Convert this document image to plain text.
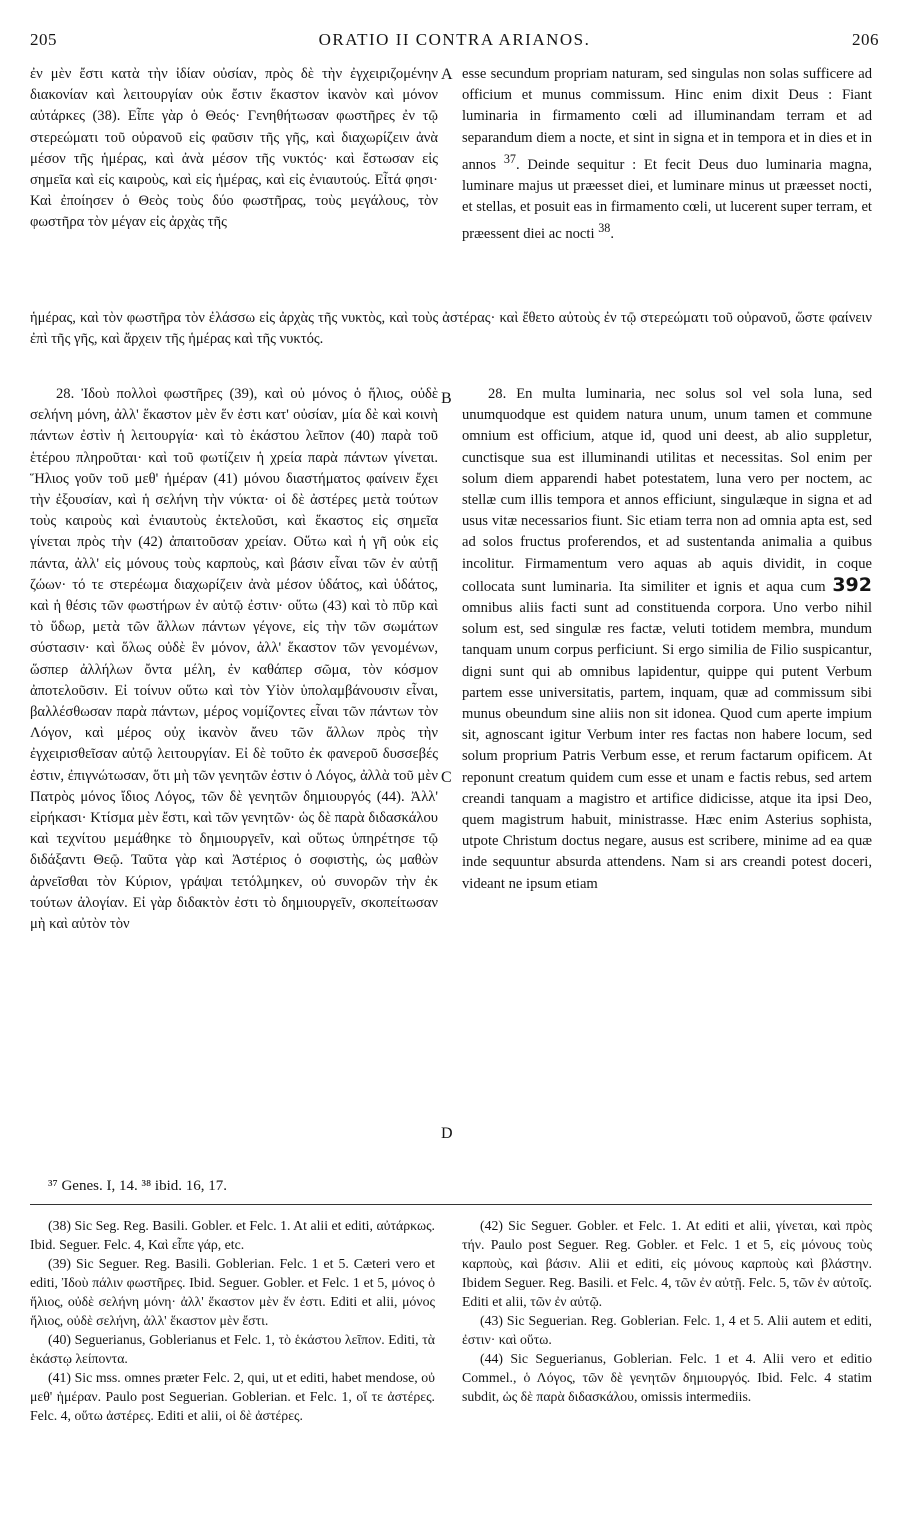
205	ORATIO II CONTRA ARIANOS.	206
A
B
C
D

ἐν μὲν ἔστι κατὰ τὴν ἰδίαν οὐσίαν, πρὸς δὲ τὴν ἐγχειριζομένην διακονίαν καὶ λειτουργίαν οὐκ ἔστιν ἕκαστον ἱκανὸν καὶ μόνον αὐτάρκες (38). Εἶπε γὰρ ὁ Θεός· Γενηθήτωσαν φωστῆρες ἐν τῷ στερεώματι τοῦ οὐρανοῦ εἰς φαῦσιν τῆς γῆς, καὶ διαχωρίζειν ἀνὰ μέσον τῆς ἡμέρας, καὶ ἀνὰ μέσον τῆς νυκτός· καὶ ἔστωσαν εἰς σημεῖα καὶ εἰς καιροὺς, καὶ εἰς ἡμέρας, καὶ εἰς ἐνιαυτούς. Εἶτά φησι· Καὶ ἐποίησεν ὁ Θεὸς τοὺς δύο φωστῆρας, τοὺς μεγάλους, τὸν φωστῆρα τὸν μέγαν εἰς ἀρχὰς τῆς

esse secundum propriam naturam, sed singulas non solas sufficere ad officium et munus commissum. Hinc enim dixit Deus : Fiant luminaria in firmamento cœli ad illuminandam terram et ad separandum diem a nocte, et sint in signa et in tempora et in dies et in annos $^{37}$. Deinde sequitur : Et fecit Deus duo luminaria magna, luminare majus ut præesset diei, et luminare minus ut præesset nocti, et stellas, et posuit eas in firmamento cœli, ut lucerent super terram, et præessent diei ac nocti $^{38}$.

ἡμέρας, καὶ τὸν φωστῆρα τὸν ἐλάσσω εἰς ἀρχὰς τῆς νυκτὸς, καὶ τοὺς ἀστέρας· καὶ ἔθετο αὐτοὺς ἐν τῷ στερεώματι τοῦ οὐρανοῦ, ὥστε φαίνειν ἐπὶ τῆς γῆς, καὶ ἄρχειν τῆς ἡμέρας καὶ τῆς νυκτός.

28. Ἰδοὺ πολλοὶ φωστῆρες (39), καὶ οὐ μόνος ὁ ἥλιος, οὐδὲ σελήνη μόνη, ἀλλ' ἕκαστον μὲν ἕν ἐστι κατ' οὐσίαν, μία δὲ καὶ κοινὴ πάντων ἐστὶν ἡ λειτουργία· καὶ τὸ ἑκάστου λεῖπον (40) παρὰ τοῦ ἑτέρου πληροῦται· καὶ τοῦ φωτίζειν ἡ χρεία παρὰ πάντων γίνεται. Ἥλιος γοῦν τοῦ μεθ' ἡμέραν (41) μόνου διαστήματος φαίνειν ἔχει τὴν ἐξουσίαν, καὶ ἡ σελήνη τὴν νύκτα· οἱ δὲ ἀστέρες μετὰ τούτων τοὺς καιροὺς καὶ ἐνιαυτοὺς ἐκτελοῦσι, καὶ ἕκαστος εἰς σημεῖα γίνεται πρὸς τὴν (42) ἀπαιτοῦσαν χρείαν. Οὕτω καὶ ἡ γῆ οὐκ εἰς πάντα, ἀλλ' εἰς μόνους τοὺς καρποὺς, καὶ βάσιν εἶναι τῶν ἐν αὐτῇ ζώων· τό τε στερέωμα διαχωρίζειν ἀνὰ μέσον ὑδάτος, καὶ ὑδάτος, καὶ ἡ θέσις τῶν φωστήρων ἐν αὐτῷ ἐστιν· οὕτω (43) καὶ τὸ πῦρ καὶ τὸ ὕδωρ, μετὰ τῶν ἄλλων πάντων γέγονε, εἰς τὴν τῶν σωμάτων σύστασιν· καὶ ὅλως οὐδὲ ἓν μόνον, ἀλλ' ἕκαστον τῶν γενομένων, ὥσπερ ἀλλήλων ὄντα μέλη, ἐν καθάπερ σῶμα, τὸν κόσμον ἀποτελοῦσιν. Εἰ τοίνυν οὕτω καὶ τὸν Υἱὸν ὑπολαμβάνουσιν εἶναι, βαλλέσθωσαν παρὰ πάντων, μέρος νομίζοντες εἶναι τῶν πάντων τὸν Λόγον, καὶ μέρος οὐχ ἱκανὸν ἄνευ τῶν ἄλλων πρὸς τὴν ἐγχειρισθεῖσαν αὐτῷ λειτουργίαν. Εἰ δὲ τοῦτο ἐκ φανεροῦ δυσσεβές ἐστιν, ἐπιγνώτωσαν, ὅτι μὴ τῶν γενητῶν ἐστιν ὁ Λόγος, ἀλλὰ τοῦ μὲν Πατρὸς μόνος ἴδιος Λόγος, τῶν δὲ γενητῶν δημιουργός (44). Ἀλλ' εἰρήκασι· Κτίσμα μὲν ἔστι, καὶ τῶν γενητῶν· ὡς δὲ παρὰ διδασκάλου καὶ τεχνίτου μεμάθηκε τὸ δημιουργεῖν, καὶ οὕτως ὑπηρέτησε τῷ διδάξαντι Θεῷ. Ταῦτα γὰρ καὶ Ἀστέριος ὁ σοφιστὴς, ὡς μαθὼν ἀρνεῖσθαι τὸν Κύριον, γράψαι τετόλμηκεν, οὐ συνορῶν τὴν ἐκ τούτων ἀλογίαν. Εἰ γὰρ διδακτὸν ἐστι τὸ δημιουργεῖν, σκοπείτωσαν μὴ καὶ αὐτὸν τὸν

28. En multa luminaria, nec solus sol vel sola luna, sed unumquodque est quidem natura unum, unum tamen et commune omnium est officium, atque id, quod uni deest, ab alio suppletur, cunctisque sua est illuminandi utilitas et necessitas. Sol enim per solum diem apparendi habet potestatem, luna vero per noctem, ac stellæ cum illis tempora et annos efficiunt, singulæque in signa et ad usus vitæ necessarios fiunt. Sic etiam terra non ad omnia apta est, sed ad solos fructus proferendos, et ad sustentanda animalia a quibus incolitur. Firmamentum vero aquas ab aquis dividit, in coque collocata sunt luminaria. Ita similiter et ignis et aqua cum 392 omnibus aliis facti sunt ad constituenda corpora. Uno verbo nihil solum est, sed singulæ res factæ, veluti totidem membra, mundum tanquam unum corpus perficiunt. Si ergo similia de Filio suspicantur, digni sunt qui ab omnibus lapidentur, quippe qui putent Verbum partem esse universitatis, partem, inquam, quæ ad commissum sibi munus obeundum sine aliis non sit idonea. Quod cum aperte impium sit, agnoscant igitur Verbum inter res factas non habere locum, sed solum proprium Patris Verbum esse, et rerum factarum opificem. At reponunt creatum quidem cum esse et unam e factis rebus, sed artem creandi tanquam a magistro et artifice didicisse, atque ita ipsi Deo, quem magistrum habuit, ministrasse. Hæc enim Asterius sophista, utpote Christum doctus negare, ausus est scribere, minime ad ea quæ inde sequuntur absurda attendens. Nam si ars creandi potest doceri, videant ne ipsum etiam

³⁷ Genes. I, 14. ³⁸ ibid. 16, 17.

(38) Sic Seg. Reg. Basili. Gobler. et Felc. 1. At alii et editi, αὐτάρκως. Ibid. Seguer. Felc. 4, Καὶ εἶπε γάρ, etc.

(39) Sic Seguer. Reg. Basili. Goblerian. Felc. 1 et 5. Cæteri vero et editi, Ἰδοὺ πάλιν φωστῆρες. Ibid. Seguer. Gobler. et Felc. 1 et 5, μόνος ὁ ἥλιος, οὐδὲ σελήνη μόνη· ἀλλ' ἕκαστον μὲν ἕν ἐστι. Editi et alii, μόνος ἥλιος, οὐδὲ σελήνη, ἀλλ' ἕκαστον μὲν ἔστι.

(40) Seguerianus, Goblerianus et Felc. 1, τὸ ἑκάστου λεῖπον. Editi, τὰ ἑκάστῳ λείποντα.

(41) Sic mss. omnes præter Felc. 2, qui, ut et editi, habet mendose, οὐ μεθ' ἡμέραν. Paulo post Seguerian. Goblerian. et Felc. 1, οἵ τε ἀστέρες. Felc. 4, οὕτω ἀστέρες. Editi et alii, οἱ δὲ ἀστέρες.

(42) Sic Seguer. Gobler. et Felc. 1. At editi et alii, γίνεται, καὶ πρὸς τήν. Paulo post Seguer. Reg. Gobler. et Felc. 1 et 5, εἰς μόνους τοὺς καρποὺς, καὶ βάσιν. Alii et editi, εἰς μόνους καρποὺς καὶ βλάστην. Ibidem Seguer. Reg. Basili. et Felc. 4, τῶν ἐν αὐτῇ. Felc. 5, τῶν ἐν αὐτοῖς. Editi et alii, τῶν ἐν αὐτῷ.

(43) Sic Seguerian. Reg. Goblerian. Felc. 1, 4 et 5. Alii autem et editi, ἐστιν· καὶ οὕτω.

(44) Sic Seguerianus, Goblerian. Felc. 1 et 4. Alii vero et editio Commel., ὁ Λόγος, τῶν δὲ γενητῶν δημιουργός. Ibid. Felc. 4 statim subdit, ὡς δὲ παρὰ διδασκάλου, omissis intermediis.
